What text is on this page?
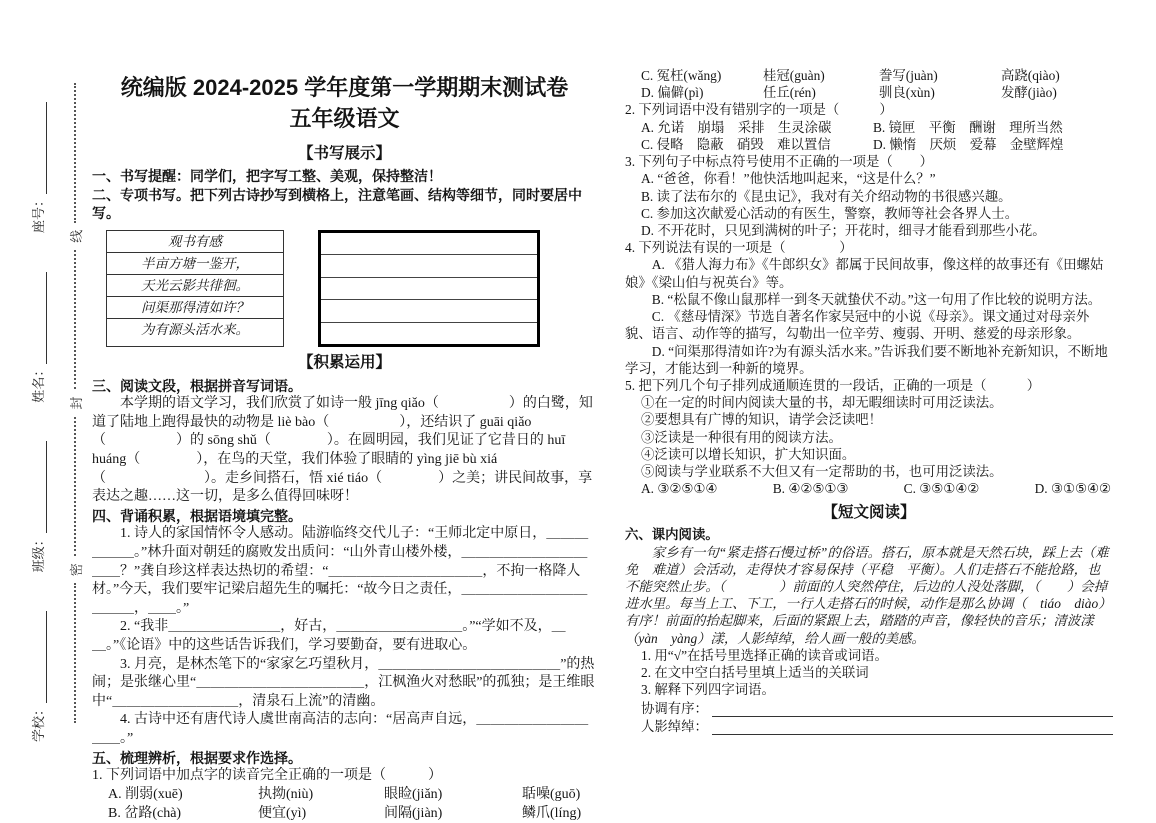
学校：
班级：
姓名：
座号：
密
封
线
统编版 2024-2025 学年度第一学期期末测试卷
五年级语文
【书写展示】

一、书写提醒：同学们，把字写工整、美观，保持整洁！

二、专项书写。把下列古诗抄写到横格上，注意笔画、结构等细节，同时要居中写。

观书有感
半亩方塘一鉴开，
天光云影共徘徊。
问渠那得清如许？
为有源头活水来。
【积累运用】

三、阅读文段，根据拼音写词语。

本学期的语文学习，我们欣赏了如诗一般 jīng qiǎo（　　　　　）的白鹭，知道了陆地上跑得最快的动物是 liè bào（　　　　　），还结识了 guāi qiǎo（　　　　　）的 sōng shǔ（　　　　）。在圆明园，我们见证了它昔日的 huī huáng（　　　　），在鸟的天堂，我们体验了眼睛的 yìng jiē bù xiá（　　　　　　　）。走乡间搭石，悟 xié tiáo（　　　　）之美；讲民间故事，享表达之趣……这一切，是多么值得回味呀！

四、背诵积累，根据语境填完整。

1. 诗人的家国情怀令人感动。陆游临终交代儿子：“王师北定中原日，＿＿＿＿＿＿。”林升面对朝廷的腐败发出质问：“山外青山楼外楼，＿＿＿＿＿＿＿＿＿＿＿？”龚自珍这样表达热切的希望：“＿＿＿＿＿＿＿＿＿＿＿，不拘一格降人材。”今天，我们要牢记梁启超先生的嘱托：“故今日之责任，＿＿＿＿＿＿＿＿＿＿＿＿，＿＿。”

2. “我非＿＿＿＿＿＿＿＿，好古，＿＿＿＿＿＿＿＿＿。”“学如不及，＿＿。”《论语》中的这些话告诉我们，学习要勤奋，要有进取心。

3. 月亮，是林杰笔下的“家家乞巧望秋月，＿＿＿＿＿＿＿＿＿＿＿＿＿”的热闹；是张继心里“＿＿＿＿＿＿＿＿＿＿＿＿，江枫渔火对愁眠”的孤独；是王维眼中“＿＿＿＿＿＿＿＿＿，清泉石上流”的清幽。

4. 古诗中还有唐代诗人虞世南高洁的志向：“居高声自远，＿＿＿＿＿＿＿＿＿＿。”

五、梳理辨析，根据要求作选择。

1. 下列词语中加点字的读音完全正确的一项是（　　　）

A. 削弱(xuē)	执拗(niù)	眼睑(jiǎn)	聒噪(guō)
B. 岔路(chà)	便宜(yì)	间隔(jiàn)	鳞爪(líng)
C. 冤枉(wǎng)	桂冠(guàn)	誊写(juàn)	高跷(qiào)
D. 偏僻(pì)	任丘(rén)	驯良(xùn)	发酵(jiào)

2. 下列词语中没有错别字的一项是（　　　）

A. 允诺　崩塌　采排　生灵涂碳	B. 镜匣　平衡　酬谢　理所当然
C. 侵略　隐蔽　硝毁　难以置信	D. 懒惰　厌烦　爱幕　金壁辉煌

3. 下列句子中标点符号使用不正确的一项是（　　）

A. “爸爸，你看！”他快活地叫起来，“这是什么？”

B. 读了法布尔的《昆虫记》，我对有关介绍动物的书很感兴趣。

C. 参加这次献爱心活动的有医生，警察，教师等社会各界人士。

D. 不开花时，只见到满树的叶子；开花时，细寻才能看到那些小花。

4. 下列说法有误的一项是（　　　　）

A. 《猎人海力布》《牛郎织女》都属于民间故事，像这样的故事还有《田螺姑娘》《梁山伯与祝英台》等。

B. “松鼠不像山鼠那样一到冬天就蛰伏不动。”这一句用了作比较的说明方法。

C. 《慈母情深》节选自著名作家吴冠中的小说《母亲》。课文通过对母亲外貌、语言、动作等的描写，勾勒出一位辛劳、瘦弱、开明、慈爱的母亲形象。

D. “问渠那得清如许?为有源头活水来。”告诉我们要不断地补充新知识，不断地学习，才能达到一种新的境界。

5. 把下列几个句子排列成通顺连贯的一段话，正确的一项是（　　　）

①在一定的时间内阅读大量的书，却无暇细读时可用泛读法。

②要想具有广博的知识，请学会泛读吧！

③泛读是一种很有用的阅读方法。

④泛读可以增长知识，扩大知识面。

⑤阅读与学业联系不大但又有一定帮助的书，也可用泛读法。

A. ③②⑤①④	B. ④②⑤①③	C. ③⑤①④②	D. ③①⑤④②
【短文阅读】

六、课内阅读。

家乡有一句“紧走搭石慢过桥”的俗语。搭石，原本就是天然石块，踩上去（难免　难道）会活动，走得快才容易保持（平稳　平衡）。人们走搭石不能抢路，也不能突然止步。（　　　　）前面的人突然停住，后边的人没处落脚，（　　）会掉进水里。每当上工、下工，一行人走搭石的时候，动作是那么协调（　tiáo　diào）有序！前面的抬起脚来，后面的紧跟上去，踏踏的声音，像轻快的音乐；清波漾（yàn　yàng）漾，人影绰绰，给人画一般的美感。

1. 用“√”在括号里选择正确的读音或词语。

2. 在文中空白括号里填上适当的关联词

3. 解释下列四字词语。

协调有序：
人影绰绰：
